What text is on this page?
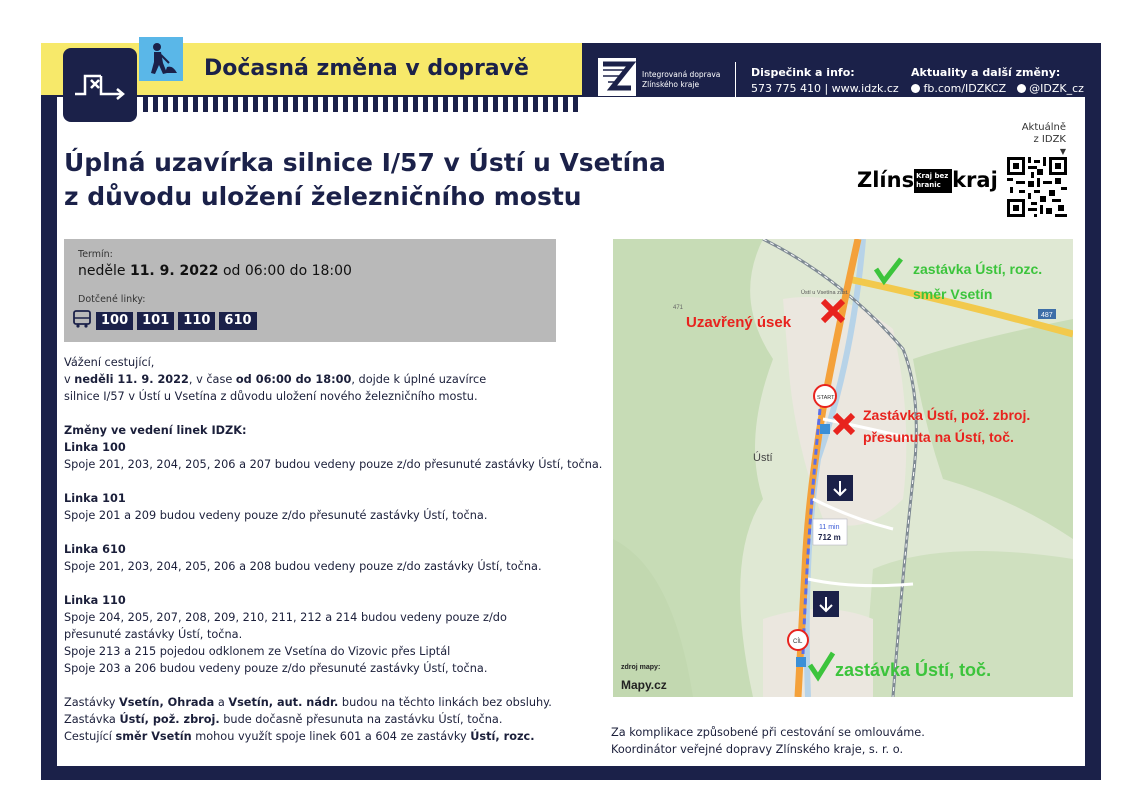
Dočasná změna v dopravě	Integrovaná doprava
Zlínského kraje
Dispečink a info:
573 775 410 | www.idzk.cz
Aktuality a další změny:
fb.com/IDZKCZ @IDZK_cz
Úplná uzavírka silnice I/57 v Ústí u Vsetína
z důvodu uložení železničního mostu
Aktuálně
z IDZK
▼
Zlíns Kraj bez
hranic kraj
Termín:
neděle 11. 9. 2022 od 06:00 do 18:00
Dotčené linky:
100	101	110	610

Vážení cestující,

v neděli 11. 9. 2022, v čase od 06:00 do 18:00, dojde k úplné uzavírce

silnice I/57 v Ústí u Vsetína z důvodu uložení nového železničního mostu.

Změny ve vedení linek IDZK:

Linka 100

Spoje 201, 203, 204, 205, 206 a 207 budou vedeny pouze z/do přesunuté zastávky Ústí, točna.

Linka 101

Spoje 201 a 209 budou vedeny pouze z/do přesunuté zastávky Ústí, točna.

Linka 610

Spoje 201, 203, 204, 205, 206 a 208 budou vedeny pouze z/do zastávky Ústí, točna.

Linka 110

Spoje 204, 205, 207, 208, 209, 210, 211, 212 a 214 budou vedeny pouze z/do

přesunuté zastávky Ústí, točna.

Spoje 213 a 215 pojedou odklonem ze Vsetína do Vizovic přes Liptál

Spoje 203 a 206 budou vedeny pouze z/do přesunuté zastávky Ústí, točna.

Zastávky Vsetín, Ohrada a Vsetín, aut. nádr. budou na těchto linkách bez obsluhy.

Zastávka Ústí, pož. zbroj. bude dočasně přesunuta na zastávku Ústí, točna.

Cestující směr Vsetín mohou využít spoje linek 601 a 604 ze zastávky Ústí, rozc.	Za komplikace způsobené při cestování se omlouváme.
Koordinátor veřejné dopravy Zlínského kraje, s. r. o.
487
Ústí
Ústí u Vsetína zast.
471
zastávka Ústí, rozc.
směr Vsetín
Uzavřený úsek
START
Zastávka Ústí, pož. zbroj.
přesunuta na Ústí, toč.
11 min
712 m
CÍL
zastávka Ústí, toč.
zdroj mapy:
Mapy.cz
